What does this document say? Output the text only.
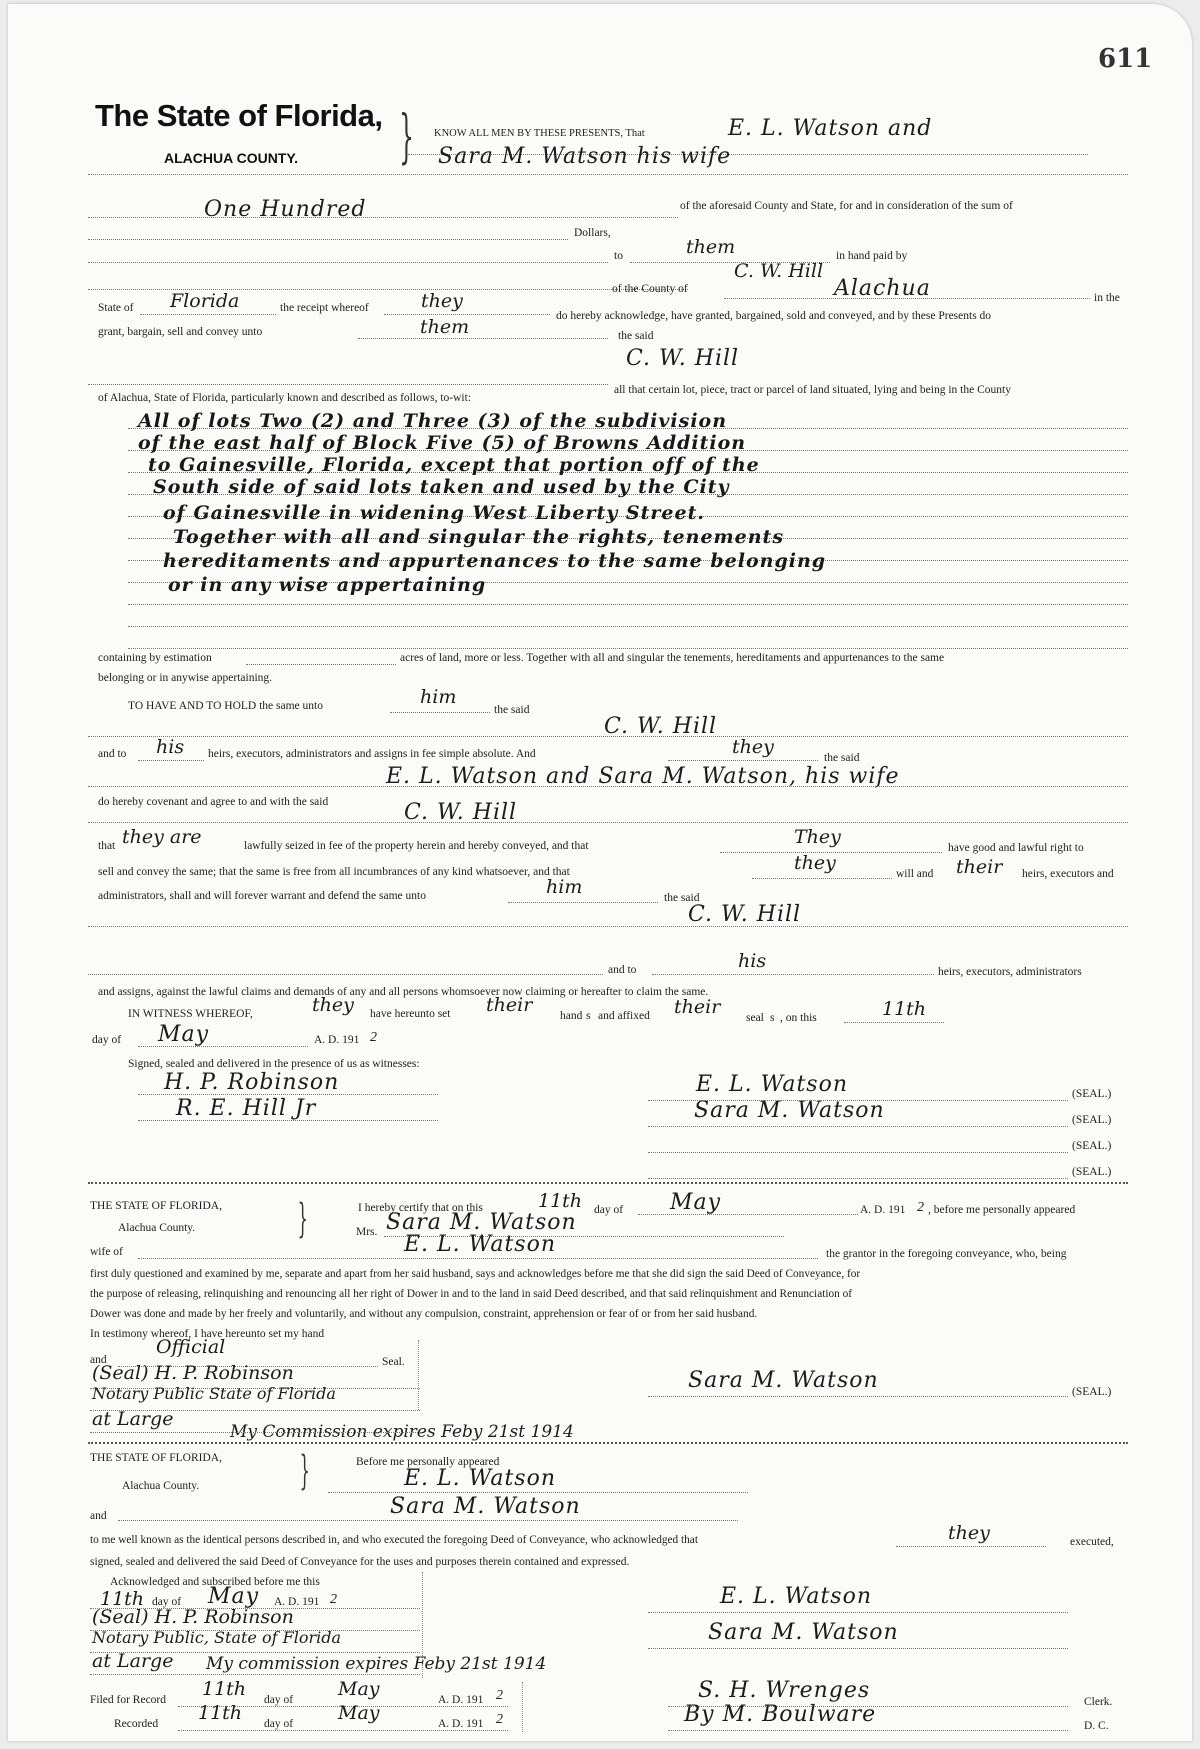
611
The State of Florida,
ALACHUA COUNTY. } KNOW ALL MEN BY THESE PRESENTS, That	E. L. Watson and
Sara M. Watson his wife
One Hundred	of the aforesaid County and State, for and in consideration of the sum of
Dollars,
to	them	in hand paid by
C. W. Hill
of the County of	Alachua	in the
State of Florida	the receipt whereof	they
do hereby acknowledge, have granted, bargained, sold and conveyed, and by these Presents do
grant, bargain, sell and convey unto	them	the said
C. W. Hill
all that certain lot, piece, tract or parcel of land situated, lying and being in the County
of Alachua, State of Florida, particularly known and described as follows, to-wit:
All of lots Two (2) and Three (3) of the subdivision
of the east half of Block Five (5) of Browns Addition
to Gainesville, Florida, except that portion off of the
South side of said lots taken and used by the City
of Gainesville in widening West Liberty Street.
Together with all and singular the rights, tenements
hereditaments and appurtenances to the same belonging
or in any wise appertaining
containing by estimation	acres of land, more or less. Together with all and singular the tenements, hereditaments and appurtenances to the same
belonging or in anywise appertaining.
TO HAVE AND TO HOLD the same unto	him
the said
C. W. Hill
and to his heirs, executors, administrators and assigns in fee simple absolute. And	they	the said
E. L. Watson and Sara M. Watson, his wife
do hereby covenant and agree to and with the said	C. W. Hill
that they are	lawfully seized in fee of the property herein and hereby conveyed, and that	They	have good and lawful right to
sell and convey the same; that the same is free from all incumbrances of any kind whatsoever, and that	they	will and their heirs, executors and
administrators, shall and will forever warrant and defend the same unto	him	the said
C. W. Hill
and to	his	heirs, executors, administrators
and assigns, against the lawful claims and demands of any and all persons whomsoever now claiming or hereafter to claim the same.
IN WITNESS WHEREOF,	they have hereunto set their hand s and affixed their seal s , on this	11th
day of May	A. D. 191 2
Signed, sealed and delivered in the presence of us as witnesses:
H. P. Robinson
R. E. Hill Jr
E. L. Watson
Sara M. Watson
(SEAL.)
(SEAL.)
(SEAL.)
(SEAL.)
THE STATE OF FLORIDA,
Alachua County.	}	I hereby certify that on this	11th day of May	A. D. 191 2 , before me personally appeared
Mrs. Sara M. Watson
wife of	E. L. Watson	the grantor in the foregoing conveyance, who, being
first duly questioned and examined by me, separate and apart from her said husband, says and acknowledges before me that she did sign the said Deed of Conveyance, for
the purpose of releasing, relinquishing and renouncing all her right of Dower in and to the land in said Deed described, and that said relinquishment and Renunciation of
Dower was done and made by her freely and voluntarily, and without any compulsion, constraint, apprehension or fear of or from her said husband.
In testimony whereof, I have hereunto set my hand
and
Official
Seal.
(Seal) H. P. Robinson
Notary Public State of Florida
at Large
My Commission expires Feby 21st 1914
Sara M. Watson	(SEAL.)
THE STATE OF FLORIDA,
Alachua County.	}	Before me personally appeared
E. L. Watson
and	Sara M. Watson
to me well known as the identical persons described in, and who executed the foregoing Deed of Conveyance, who acknowledged that	they	executed,
signed, sealed and delivered the said Deed of Conveyance for the uses and purposes therein contained and expressed.
Acknowledged and subscribed before me this
11th day of May A. D. 191 2
(Seal) H. P. Robinson
Notary Public, State of Florida
at Large My commission expires Feby 21st 1914
E. L. Watson
Sara M. Watson
Filed for Record 11th day of May	A. D. 191 2
Recorded 11th day of May	A. D. 191 2
S. H. Wrenges	Clerk.
By M. Boulware	D. C.
